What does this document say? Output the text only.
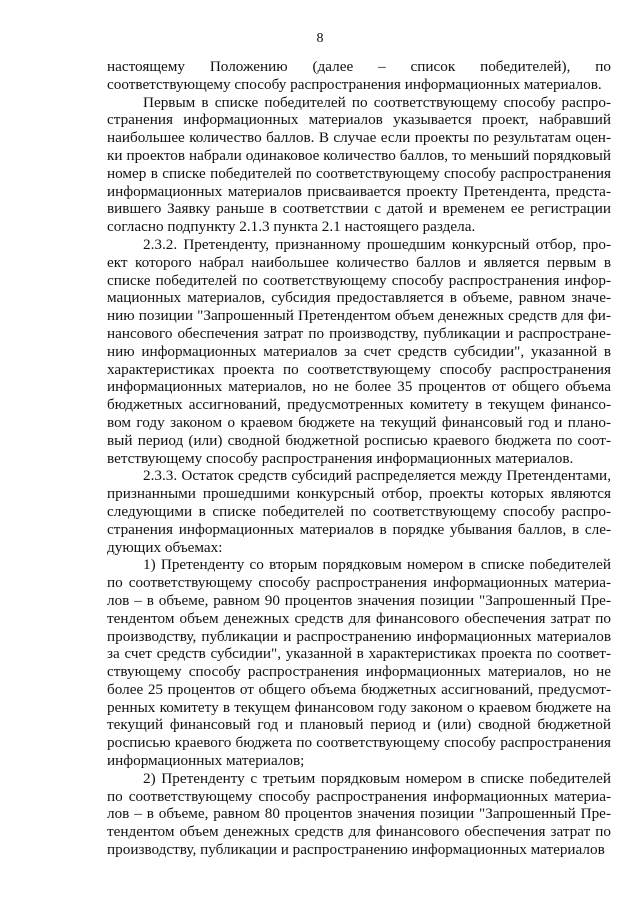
8

настоящему Положению (далее – список победителей), по соответствующему способу распространения информационных материалов.

Первым в списке победителей по соответствующему способу распространения информационных материалов указывается проект, набравший наибольшее количество баллов. В случае если проекты по результатам оценки проектов набрали одинаковое количество баллов, то меньший порядковый номер в списке победителей по соответствующему способу распространения информационных материалов присваивается проекту Претендента, представившего Заявку раньше в соответствии с датой и временем ее регистрации согласно подпункту 2.1.3 пункта 2.1 настоящего раздела.

2.3.2. Претенденту, признанному прошедшим конкурсный отбор, проект которого набрал наибольшее количество баллов и является первым в списке победителей по соответствующему способу распространения информационных материалов, субсидия предоставляется в объеме, равном значению позиции "Запрошенный Претендентом объем денежных средств для финансового обеспечения затрат по производству, публикации и распространению информационных материалов за счет средств субсидии", указанной в характеристиках проекта по соответствующему способу распространения информационных материалов, но не более 35 процентов от общего объема бюджетных ассигнований, предусмотренных комитету в текущем финансовом году законом о краевом бюджете на текущий финансовый год и плановый период (или) сводной бюджетной росписью краевого бюджета по соответствующему способу распространения информационных материалов.

2.3.3. Остаток средств субсидий распределяется между Претендентами, признанными прошедшими конкурсный отбор, проекты которых являются следующими в списке победителей по соответствующему способу распространения информационных материалов в порядке убывания баллов, в следующих объемах:

1) Претенденту со вторым порядковым номером в списке победителей по соответствующему способу распространения информационных материалов – в объеме, равном 90 процентов значения позиции "Запрошенный Претендентом объем денежных средств для финансового обеспечения затрат по производству, публикации и распространению информационных материалов за счет средств субсидии", указанной в характеристиках проекта по соответствующему способу распространения информационных материалов, но не более 25 процентов от общего объема бюджетных ассигнований, предусмотренных комитету в текущем финансовом году законом о краевом бюджете на текущий финансовый год и плановый период и (или) сводной бюджетной росписью краевого бюджета по соответствующему способу распространения информационных материалов;

2) Претенденту с третьим порядковым номером в списке победителей по соответствующему способу распространения информационных материалов – в объеме, равном 80 процентов значения позиции "Запрошенный Претендентом объем денежных средств для финансового обеспечения затрат по производству, публикации и распространению информационных материалов
